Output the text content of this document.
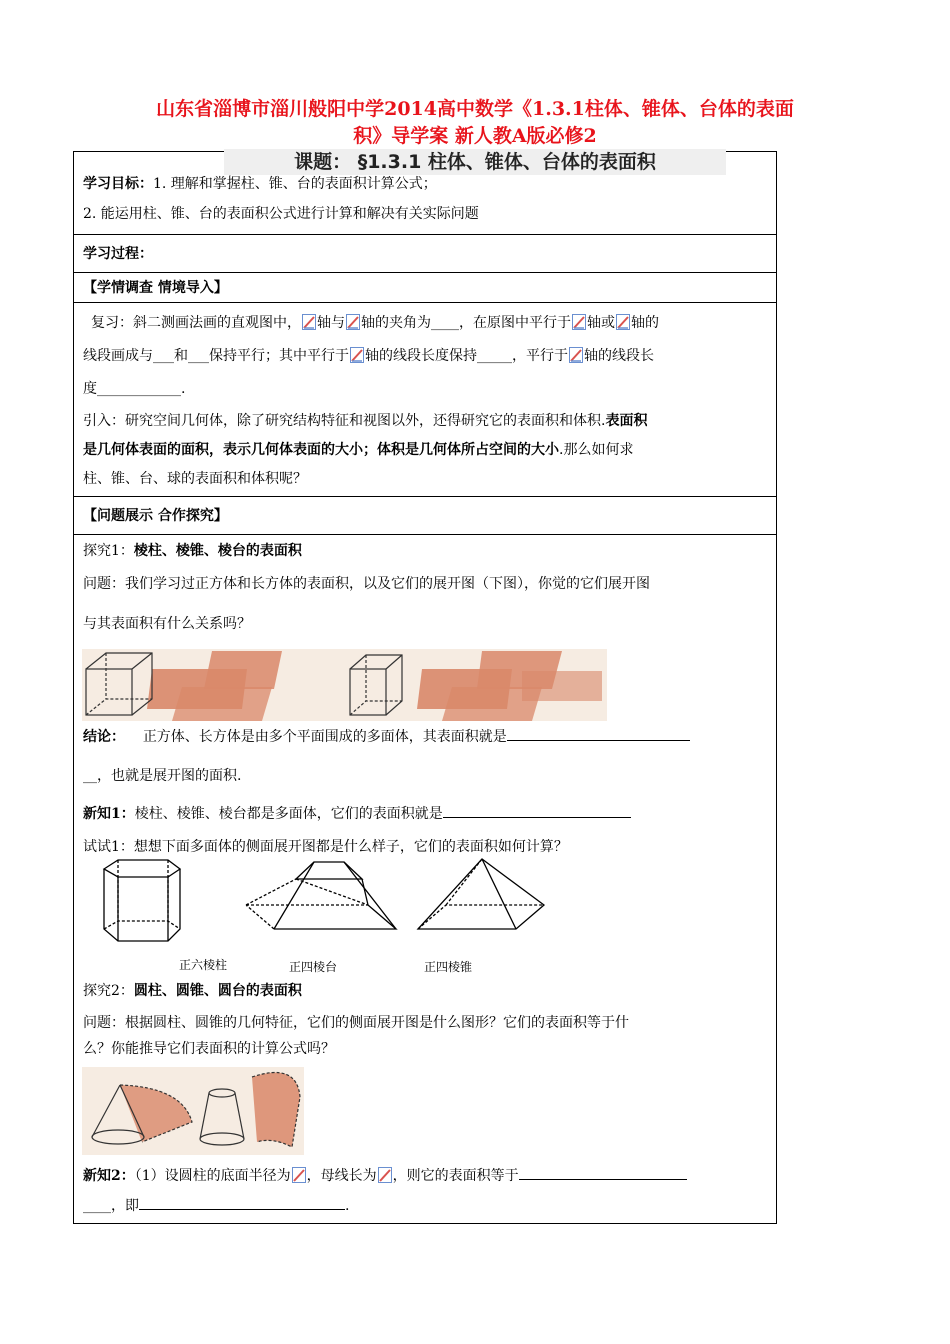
山东省淄博市淄川般阳中学2014高中数学《1.3.1柱体、锥体、台体的表面
积》导学案 新人教A版必修2
课题： §1.3.1 柱体、锥体、台体的表面积
学习目标：1. 理解和掌握柱、锥、台的表面积计算公式；
2. 能运用柱、锥、台的表面积公式进行计算和解决有关实际问题
学习过程：
【学情调查 情境导入】
复习：斜二测画法画的直观图中， 轴与 轴的夹角为____，在原图中平行于 轴或 轴的
线段画成与___和___保持平行；其中平行于 轴的线段长度保持_____，平行于 轴的线段长
度____________.
引入：研究空间几何体，除了研究结构特征和视图以外，还得研究它的表面积和体积.表面积
是几何体表面的面积，表示几何体表面的大小；体积是几何体所占空间的大小.那么如何求
柱、锥、台、球的表面积和体积呢？
【问题展示 合作探究】
探究1：棱柱、棱锥、棱台的表面积
问题：我们学习过正方体和长方体的表面积，以及它们的展开图（下图），你觉的它们展开图
与其表面积有什么关系吗？
结论： 正方体、长方体是由多个平面围成的多面体，其表面积就是
__，也就是展开图的面积.
新知1：棱柱、棱锥、棱台都是多面体，它们的表面积就是
试试1：想想下面多面体的侧面展开图都是什么样子，它们的表面积如何计算？
正六棱柱	正四棱台	正四棱锥
探究2：圆柱、圆锥、圆台的表面积
问题：根据圆柱、圆锥的几何特征，它们的侧面展开图是什么图形？它们的表面积等于什
么？你能推导它们表面积的计算公式吗？
新知2：（1）设圆柱的底面半径为 ，母线长为 ，则它的表面积等于
____，即	.
